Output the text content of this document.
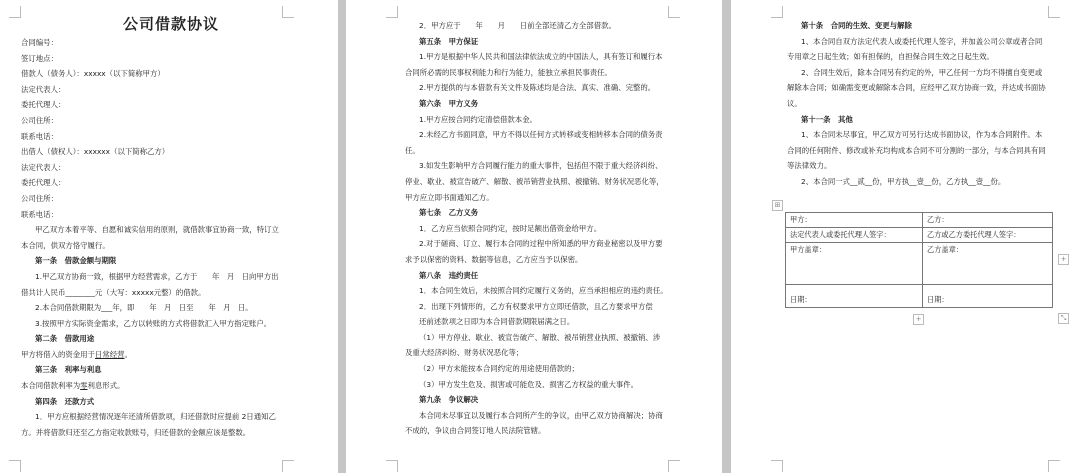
公司借款协议

合同编号：

签订地点：

借款人（债务人）：xxxxx（以下简称甲方）

法定代表人：

委托代理人：

公司住所：

联系电话：

出借人（债权人）：xxxxxx（以下简称乙方）

法定代表人：

委托代理人：

公司住所：

联系电话：

甲乙双方本着平等、自愿和诚实信用的原则，就借款事宜协商一致，特订立

本合同，供双方恪守履行。

第一条　借款金额与期限

1.甲乙双方协商一致，根据甲方经营需求，乙方于　　年　月　日向甲方出

借共计人民币________元（大写：xxxxx元整）的借款。

2.本合同借款期限为___年，即　　年　月　日至　　年　月　日。

3.按照甲方实际资金需求，乙方以转账的方式将借款汇入甲方指定账户。

第二条　借款用途

甲方将借入的资金用于日常经营。

第三条　利率与利息

本合同借款利率为零利息形式。

第四条　还款方式

1．甲方应根据经营情况逐年还清所借款项，归还借款时应提前 2日通知乙

方。并将借款归还至乙方指定收款账号，归还借款的金额应该是整数。

2．甲方应于　　年　　月　　日前全部还清乙方全部借款。

第五条　甲方保证

1.甲方是根据中华人民共和国法律依法成立的中国法人，具有签订和履行本

合同所必需的民事权利能力和行为能力，能独立承担民事责任。

2.甲方提供的与本借款有关文件及陈述均是合法、真实、准确、完整的。

第六条　甲方义务

1.甲方应按合同约定清偿借款本金。

2.未经乙方书面同意，甲方不得以任何方式转移或变相转移本合同的债务责

任。

3.如发生影响甲方合同履行能力的重大事件，包括但不限于重大经济纠纷、

停业、歇业、被宣告破产、解散、被吊销营业执照、被撤销、财务状况恶化等，

甲方应立即书面通知乙方。

第七条　乙方义务

1．乙方应当依照合同约定，按时足额出借资金给甲方。

2.对于磋商、订立、履行本合同的过程中所知悉的甲方商业秘密以及甲方要

求予以保密的资料、数据等信息，乙方应当予以保密。

第八条　违约责任

1．本合同生效后，未按照合同约定履行义务的，应当承担相应的违约责任。

2．出现下列情形的，乙方有权要求甲方立即还借款，且乙方要求甲方偿

还前述款项之日即为本合同借款期限届满之日。

（1）甲方停业、歇业、被宣告破产、解散、被吊销营业执照、被撤销、涉

及重大经济纠纷、财务状况恶化等；

（2）甲方未能按本合同约定的用途使用借款的；

（3）甲方发生危及、损害或可能危及、损害乙方权益的重大事件。

第九条　争议解决

本合同未尽事宜以及履行本合同所产生的争议，由甲乙双方协商解决；协商

不成的，争议由合同签订地人民法院管辖。

第十条　合同的生效、变更与解除

1、本合同自双方法定代表人或委托代理人签字，并加盖公司公章或者合同

专用章之日起生效；如有担保的，自担保合同生效之日起生效。

2、合同生效后，除本合同另有约定的外，甲乙任何一方均不得擅自变更或

解除本合同；如确需变更或解除本合同，应经甲乙双方协商一致，并达成书面协

议。

第十一条　其他

1、本合同未尽事宜，甲乙双方可另行达成书面协议，作为本合同附件。本

合同的任何附件、修改或补充均构成本合同不可分割的一部分，与本合同具有同

等法律效力。

2、本合同一式__贰__份，甲方执__壹__份，乙方执__壹__份。

⊞
甲方：	乙方：
法定代表人或委托代理人签字：	乙方或乙方委托代理人签字：
甲方盖章：	乙方盖章：
日期：	日期：
+
+	⤡
